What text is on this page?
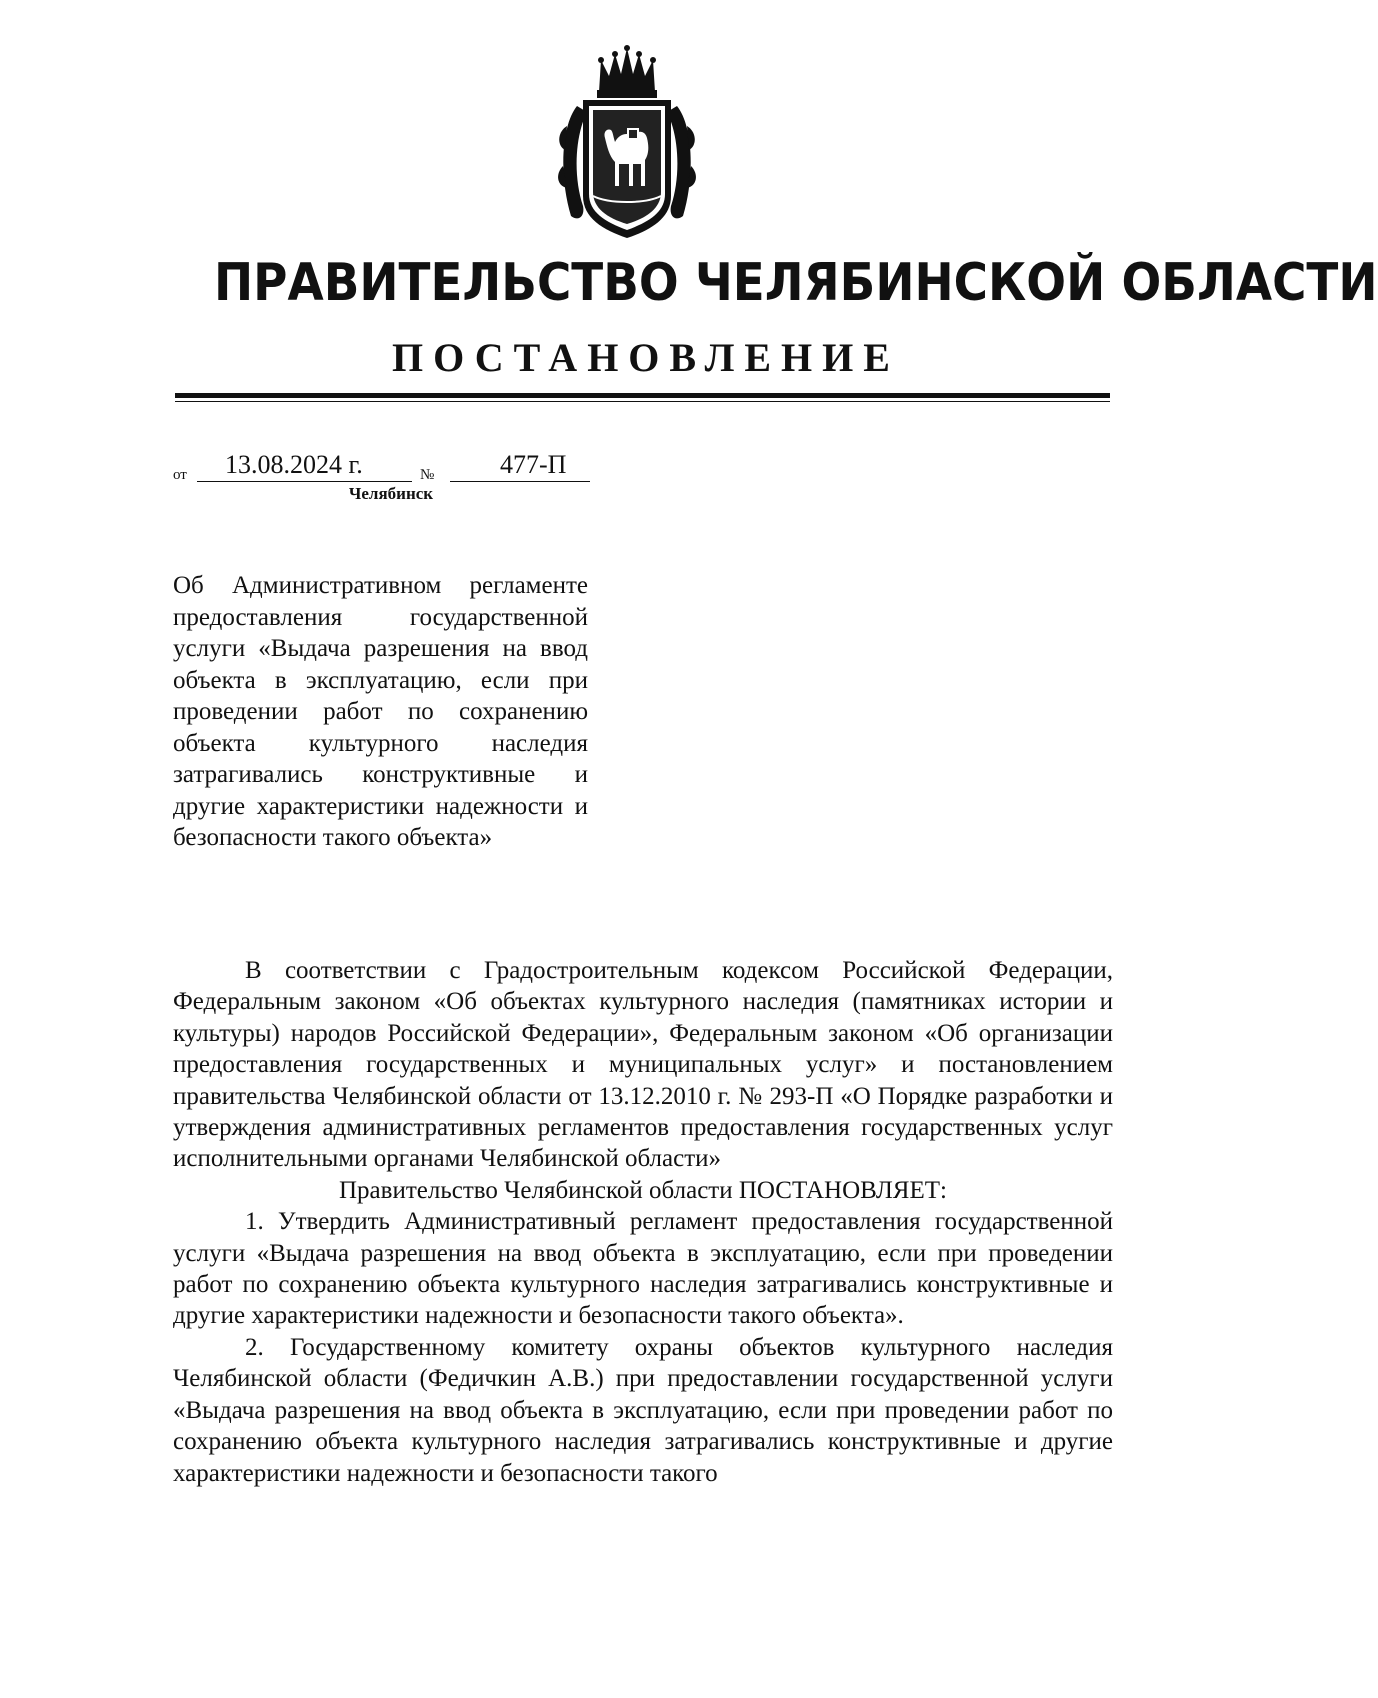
ПРАВИТЕЛЬСТВО ЧЕЛЯБИНСКОЙ ОБЛАСТИ
ПОСТАНОВЛЕНИЕ
от 13.08.2024 г.	№	477-П
Челябинск
Об Административном регламенте предоставления государственной услуги «Выдача разрешения на ввод объекта в эксплуатацию, если при проведении работ по сохранению объекта культурного наследия затрагивались конструктивные и другие характеристики надежности и безопасности такого объекта»

В соответствии с Градостроительным кодексом Российской Федерации, Федеральным законом «Об объектах культурного наследия (памятниках истории и культуры) народов Российской Федерации», Федеральным законом «Об организации предоставления государственных и муниципальных услуг» и постановлением правительства Челябинской области от 13.12.2010 г. № 293-П «О Порядке разработки и утверждения административных регламентов предоставления государственных услуг исполнительными органами Челябинской области»

Правительство Челябинской области ПОСТАНОВЛЯЕТ:

1. Утвердить Административный регламент предоставления государственной услуги «Выдача разрешения на ввод объекта в эксплуатацию, если при проведении работ по сохранению объекта культурного наследия затрагивались конструктивные и другие характеристики надежности и безопасности такого объекта».

2. Государственному комитету охраны объектов культурного наследия Челябинской области (Федичкин А.В.) при предоставлении государственной услуги «Выдача разрешения на ввод объекта в эксплуатацию, если при проведении работ по сохранению объекта культурного наследия затрагивались конструктивные и другие характеристики надежности и безопасности такого
